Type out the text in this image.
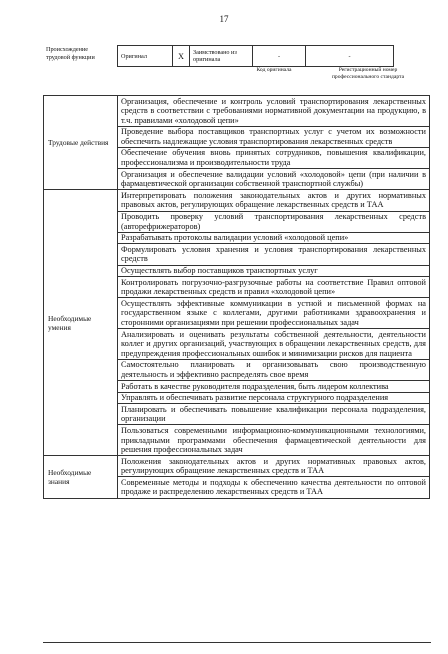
17
Происхождение трудовой функции	Оригинал	X	Заимствовано из оригинала	-	-
Код оригинала	Регистрационный номер профессионального стандарта
Трудовые действия	Организация, обеспечение и контроль условий транспортирования лекарственных средств в соответствии с требованиями нормативной документации на продукцию, в т.ч. правилами «холодовой цепи»
	Проведение выбора поставщиков транспортных услуг с учетом их возможности обеспечить надлежащие условия транспортирования лекарственных средств
	Обеспечение обучения вновь принятых сотрудников, повышения квалификации, профессионализма и производительности труда
	Организация и обеспечение валидации условий «холодовой» цепи (при наличии в фармацевтической организации собственной транспортной службы)
Необходимые умения	Интерпретировать положения законодательных актов и других нормативных правовых актов, регулирующих обращение лекарственных средств и ТАА
	Проводить проверку условий транспортирования лекарственных средств (авторефрижераторов)
	Разрабатывать протоколы валидации условий «холодовой цепи»
	Формулировать условия хранения и условия транспортирования лекарственных средств
	Осуществлять выбор поставщиков транспортных услуг
	Контролировать погрузочно-разгрузочные работы на соответствие Правил оптовой продажи лекарственных средств и правил «холодовой цепи»
	Осуществлять эффективные коммуникации в устной и письменной формах на государственном языке с коллегами, другими работниками здравоохранения и сторонними организациями при решении профессиональных задач
	Анализировать и оценивать результаты собственной деятельности, деятельности коллег и других организаций, участвующих в обращении лекарственных средств, для предупреждения профессиональных ошибок и минимизации рисков для пациента
	Самостоятельно планировать и организовывать свою производственную деятельность и эффективно распределять свое время
	Работать в качестве руководителя подразделения, быть лидером коллектива
	Управлять и обеспечивать развитие персонала структурного подразделения
	Планировать и обеспечивать повышение квалификации персонала подразделения, организации
	Пользоваться современными информационно-коммуникационными технологиями, прикладными программами обеспечения фармацевтической деятельности для решения профессиональных задач
Необходимые знания	Положения законодательных актов и других нормативных правовых актов, регулирующих обращение лекарственных средств и ТАА
	Современные методы и подходы к обеспечению качества деятельности по оптовой продаже и распределению лекарственных средств и ТАА
